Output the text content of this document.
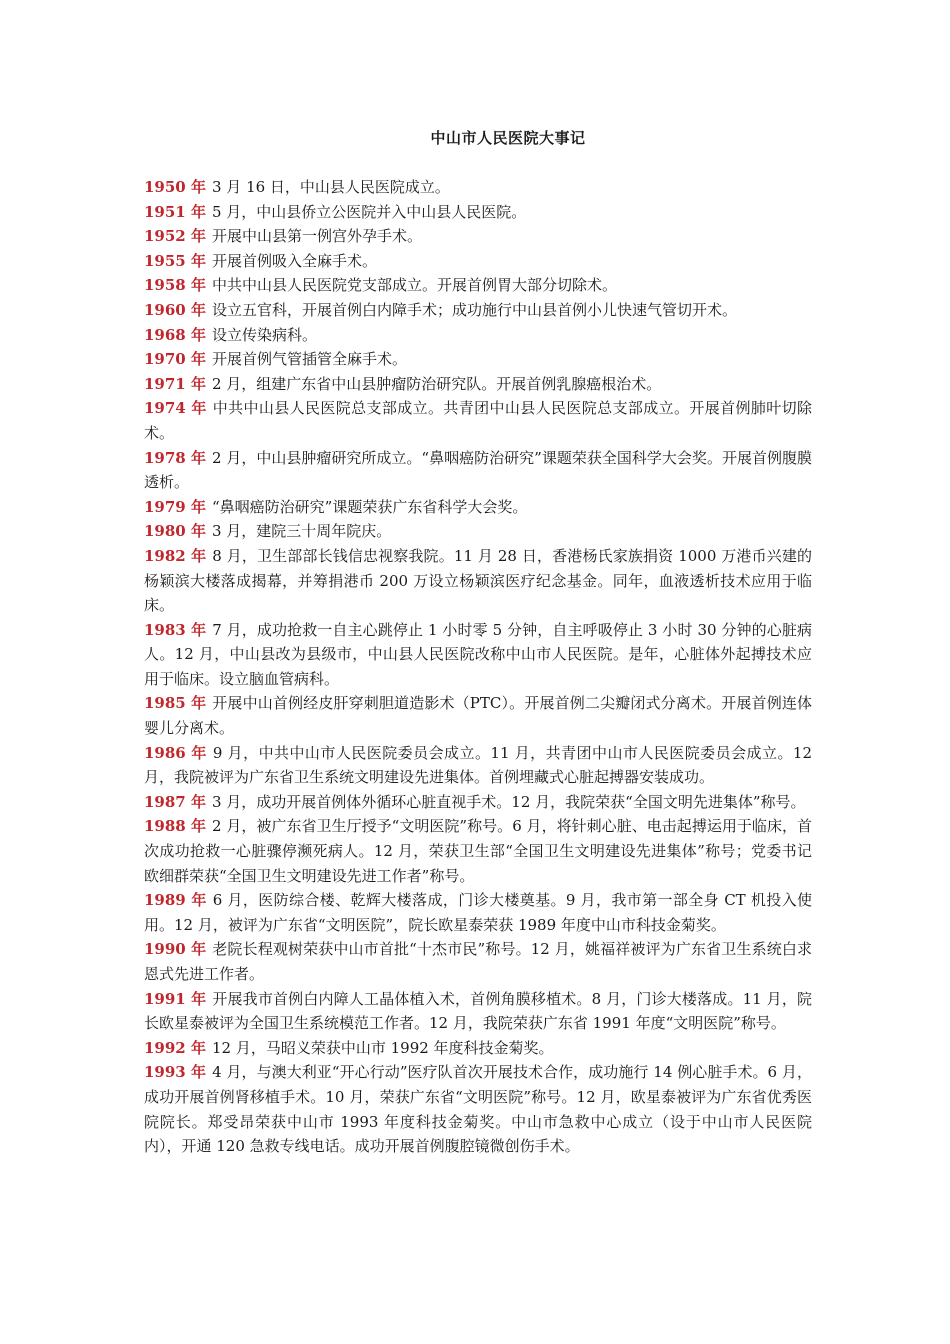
中山市人民医院大事记
1950 年 3 月 16 日，中山县人民医院成立。
1951 年 5 月，中山县侨立公医院并入中山县人民医院。
1952 年 开展中山县第一例宫外孕手术。
1955 年 开展首例吸入全麻手术。
1958 年 中共中山县人民医院党支部成立。开展首例胃大部分切除术。
1960 年 设立五官科，开展首例白内障手术；成功施行中山县首例小儿快速气管切开术。
1968 年 设立传染病科。
1970 年 开展首例气管插管全麻手术。
1971 年 2 月，组建广东省中山县肿瘤防治研究队。开展首例乳腺癌根治术。
1974 年 中共中山县人民医院总支部成立。共青团中山县人民医院总支部成立。开展首例肺叶切除术。
1978 年 2 月，中山县肿瘤研究所成立。“鼻咽癌防治研究”课题荣获全国科学大会奖。开展首例腹膜透析。
1979 年 “鼻咽癌防治研究”课题荣获广东省科学大会奖。
1980 年 3 月，建院三十周年院庆。
1982 年 8 月，卫生部部长钱信忠视察我院。11 月 28 日，香港杨氏家族捐资 1000 万港币兴建的杨颖滨大楼落成揭幕，并筹捐港币 200 万设立杨颖滨医疗纪念基金。同年，血液透析技术应用于临床。
1983 年 7 月，成功抢救一自主心跳停止 1 小时零 5 分钟，自主呼吸停止 3 小时 30 分钟的心脏病人。12 月，中山县改为县级市，中山县人民医院改称中山市人民医院。是年，心脏体外起搏技术应用于临床。设立脑血管病科。
1985 年 开展中山首例经皮肝穿刺胆道造影术（PTC）。开展首例二尖瓣闭式分离术。开展首例连体婴儿分离术。
1986 年 9 月，中共中山市人民医院委员会成立。11 月，共青团中山市人民医院委员会成立。12 月，我院被评为广东省卫生系统文明建设先进集体。首例埋藏式心脏起搏器安装成功。
1987 年 3 月，成功开展首例体外循环心脏直视手术。12 月，我院荣获“全国文明先进集体”称号。
1988 年 2 月，被广东省卫生厅授予“文明医院”称号。6 月，将针刺心脏、电击起搏运用于临床，首次成功抢救一心脏骤停濒死病人。12 月，荣获卫生部“全国卫生文明建设先进集体”称号；党委书记欧细群荣获“全国卫生文明建设先进工作者”称号。
1989 年 6 月，医防综合楼、乾辉大楼落成，门诊大楼奠基。9 月，我市第一部全身 CT 机投入使用。12 月，被评为广东省“文明医院”，院长欧星泰荣获 1989 年度中山市科技金菊奖。
1990 年 老院长程观树荣获中山市首批“十杰市民”称号。12 月，姚福祥被评为广东省卫生系统白求恩式先进工作者。
1991 年 开展我市首例白内障人工晶体植入术，首例角膜移植术。8 月，门诊大楼落成。11 月，院长欧星泰被评为全国卫生系统模范工作者。12 月，我院荣获广东省 1991 年度“文明医院”称号。
1992 年 12 月，马昭义荣获中山市 1992 年度科技金菊奖。
1993 年 4 月，与澳大利亚“开心行动”医疗队首次开展技术合作，成功施行 14 例心脏手术。6 月，成功开展首例肾移植手术。10 月，荣获广东省“文明医院”称号。12 月，欧星泰被评为广东省优秀医院院长。郑受昂荣获中山市 1993 年度科技金菊奖。中山市急救中心成立（设于中山市人民医院内），开通 120 急救专线电话。成功开展首例腹腔镜微创伤手术。
